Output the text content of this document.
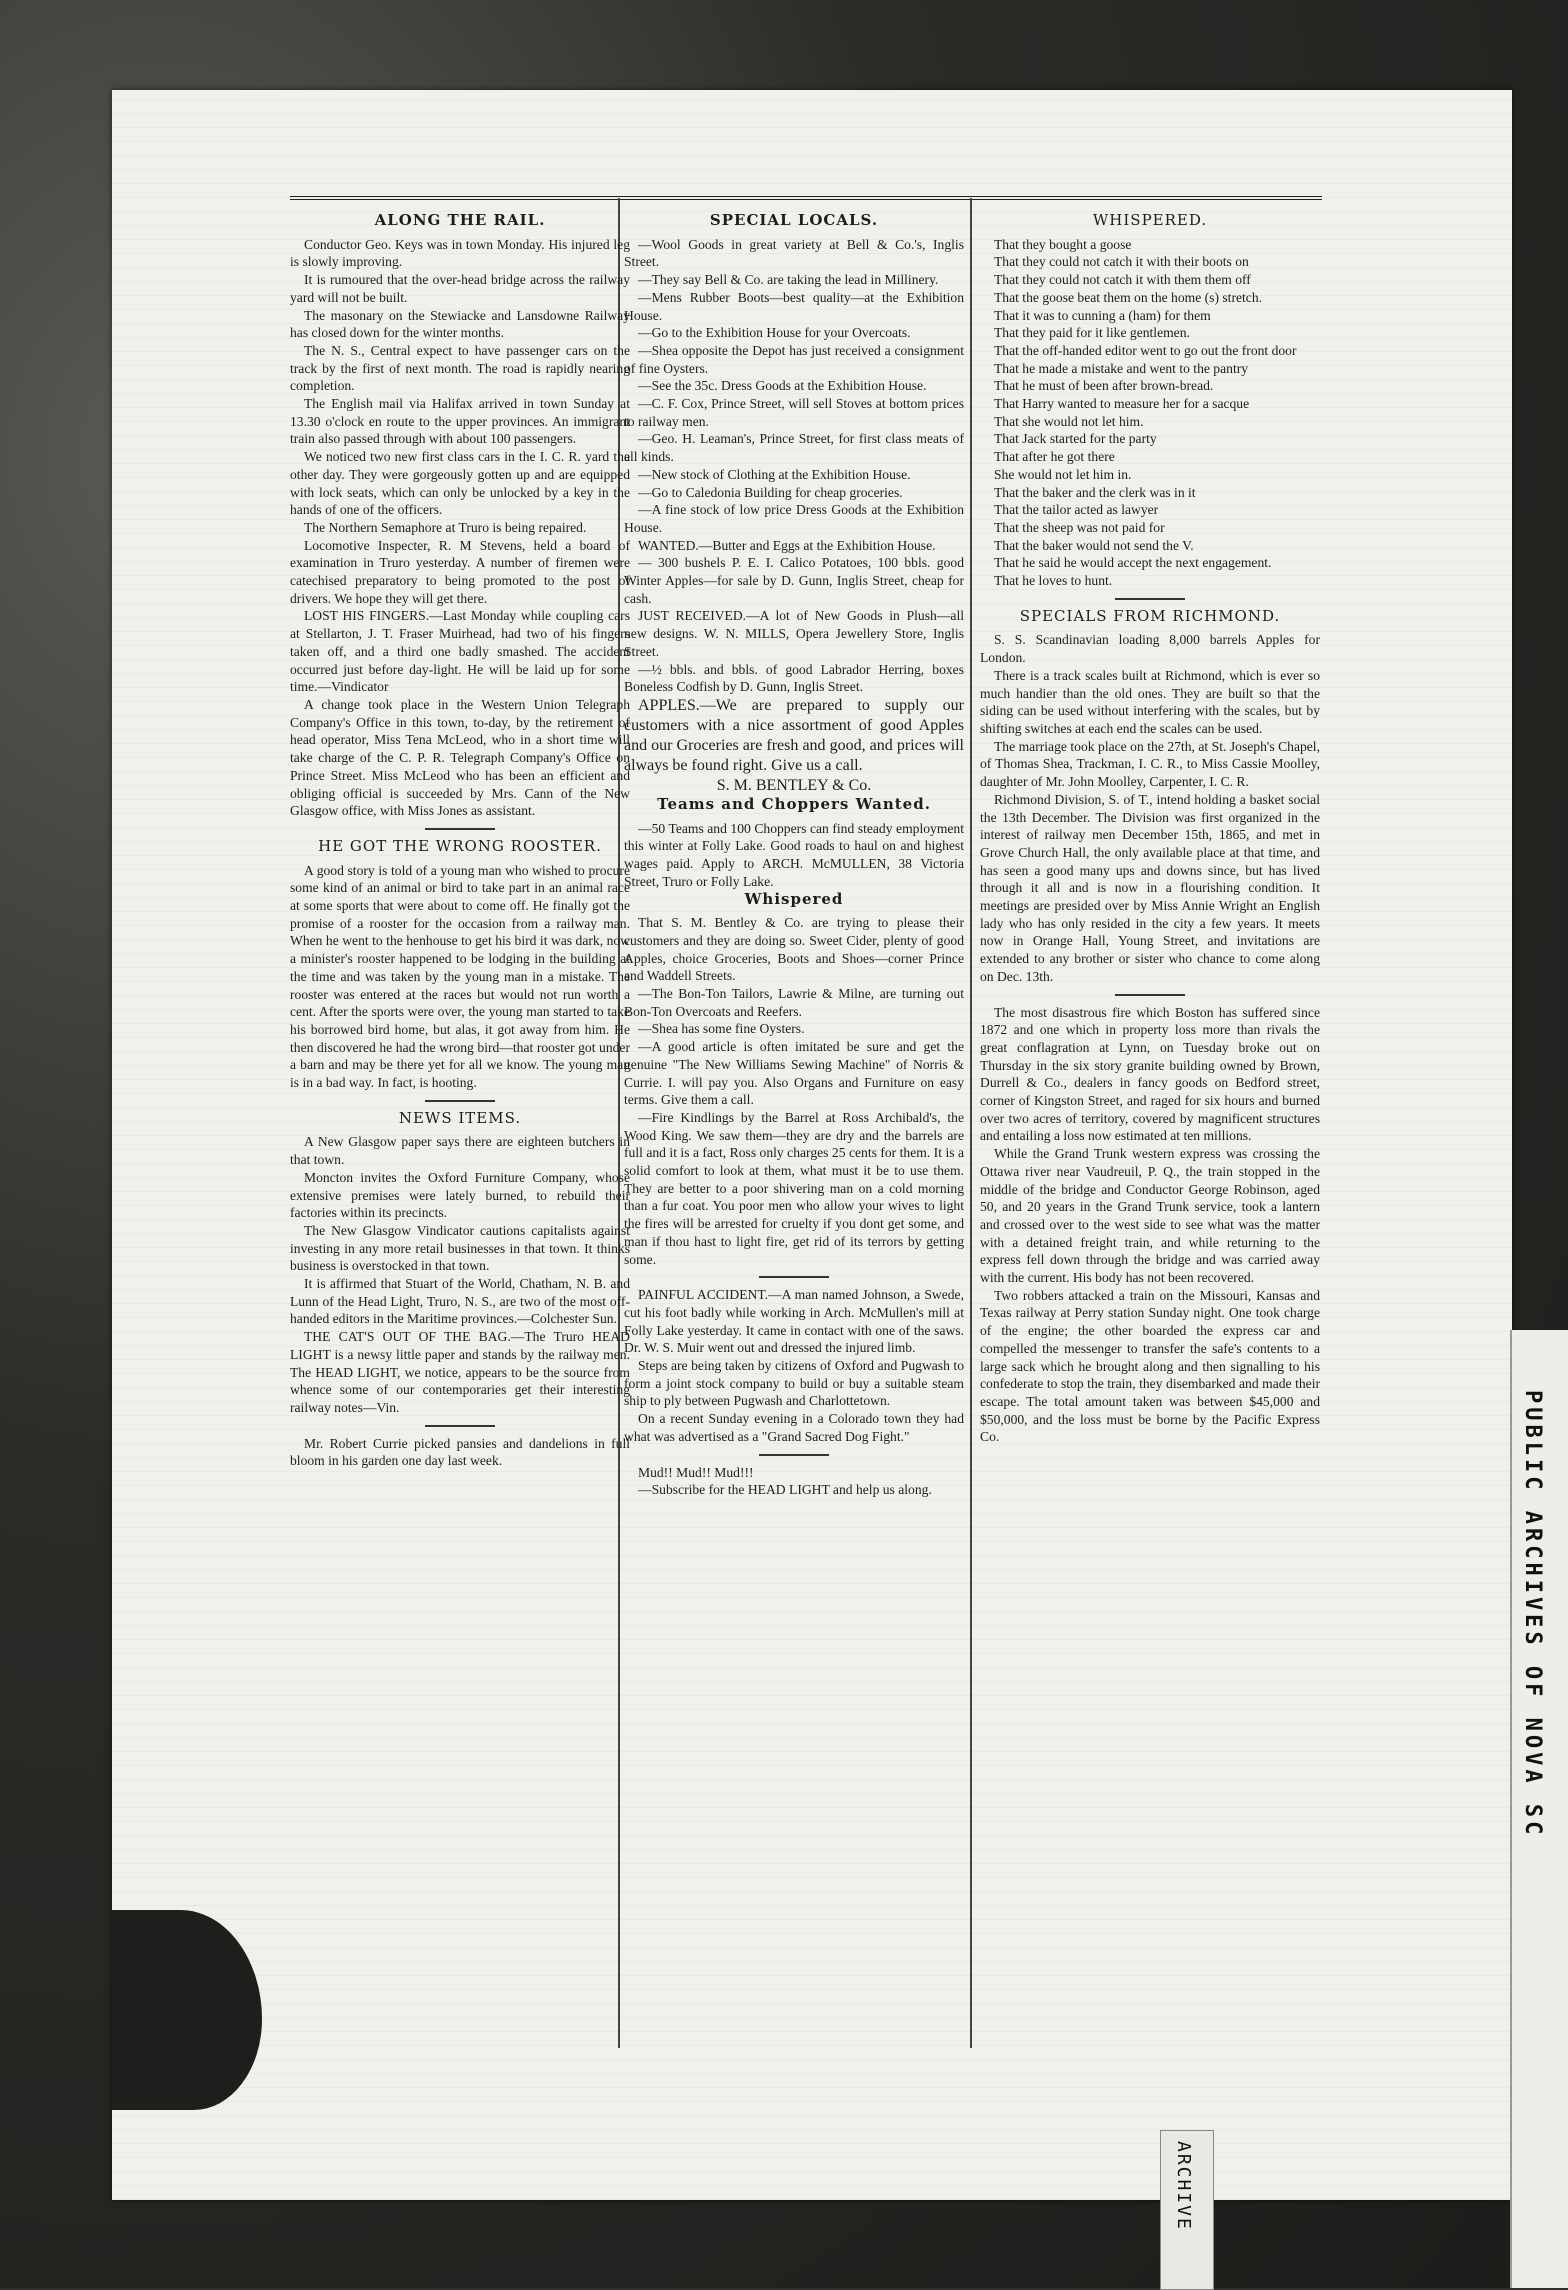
ALONG THE RAIL.

Conductor Geo. Keys was in town Monday. His injured leg is slowly improving.

It is rumoured that the over-head bridge across the railway yard will not be built.

The masonary on the Stewiacke and Lansdowne Railway has closed down for the winter months.

The N. S., Central expect to have passenger cars on the track by the first of next month. The road is rapidly nearing completion.

The English mail via Halifax arrived in town Sunday at 13.30 o'clock en route to the upper provinces. An immigrant train also passed through with about 100 passengers.

We noticed two new first class cars in the I. C. R. yard the other day. They were gorgeously gotten up and are equipped with lock seats, which can only be unlocked by a key in the hands of one of the officers.

The Northern Semaphore at Truro is being repaired.

Locomotive Inspecter, R. M Stevens, held a board of examination in Truro yesterday. A number of firemen were catechised preparatory to being promoted to the post of drivers. We hope they will get there.

LOST HIS FINGERS.—Last Monday while coupling cars at Stellarton, J. T. Fraser Muirhead, had two of his fingers taken off, and a third one badly smashed. The accident occurred just before day-light. He will be laid up for some time.—Vindicator

A change took place in the Western Union Telegraph Company's Office in this town, to-day, by the retirement of head operator, Miss Tena McLeod, who in a short time will take charge of the C. P. R. Telegraph Company's Office on Prince Street. Miss McLeod who has been an efficient and obliging official is succeeded by Mrs. Cann of the New Glasgow office, with Miss Jones as assistant.

HE GOT THE WRONG ROOSTER.

A good story is told of a young man who wished to procure some kind of an animal or bird to take part in an animal race at some sports that were about to come off. He finally got the promise of a rooster for the occasion from a railway man. When he went to the henhouse to get his bird it was dark, now a minister's rooster happened to be lodging in the building at the time and was taken by the young man in a mistake. The rooster was entered at the races but would not run worth a cent. After the sports were over, the young man started to take his borrowed bird home, but alas, it got away from him. He then discovered he had the wrong bird—that rooster got under a barn and may be there yet for all we know. The young man is in a bad way. In fact, is hooting.

NEWS ITEMS.

A New Glasgow paper says there are eighteen butchers in that town.

Moncton invites the Oxford Furniture Company, whose extensive premises were lately burned, to rebuild their factories within its precincts.

The New Glasgow Vindicator cautions capitalists against investing in any more retail businesses in that town. It thinks business is overstocked in that town.

It is affirmed that Stuart of the World, Chatham, N. B. and Lunn of the Head Light, Truro, N. S., are two of the most off-handed editors in the Maritime provinces.—Colchester Sun.

THE CAT'S OUT OF THE BAG.—The Truro HEAD LIGHT is a newsy little paper and stands by the railway men. The HEAD LIGHT, we notice, appears to be the source from whence some of our contemporaries get their interesting railway notes—Vin.

Mr. Robert Currie picked pansies and dandelions in full bloom in his garden one day last week.

SPECIAL LOCALS.

—Wool Goods in great variety at Bell & Co.'s, Inglis Street.

—They say Bell & Co. are taking the lead in Millinery.

—Mens Rubber Boots—best quality—at the Exhibition House.

—Go to the Exhibition House for your Overcoats.

—Shea opposite the Depot has just received a consignment of fine Oysters.

—See the 35c. Dress Goods at the Exhibition House.

—C. F. Cox, Prince Street, will sell Stoves at bottom prices to railway men.

—Geo. H. Leaman's, Prince Street, for first class meats of all kinds.

—New stock of Clothing at the Exhibition House.

—Go to Caledonia Building for cheap groceries.

—A fine stock of low price Dress Goods at the Exhibition House.

WANTED.—Butter and Eggs at the Exhibition House.

— 300 bushels P. E. I. Calico Potatoes, 100 bbls. good Winter Apples—for sale by D. Gunn, Inglis Street, cheap for cash.

JUST RECEIVED.—A lot of New Goods in Plush—all new designs. W. N. MILLS, Opera Jewellery Store, Inglis Street.

—½ bbls. and bbls. of good Labrador Herring, boxes Boneless Codfish by D. Gunn, Inglis Street.

APPLES.—We are prepared to supply our customers with a nice assortment of good Apples and our Groceries are fresh and good, and prices will always be found right. Give us a call.

S. M. BENTLEY & Co.

Teams and Choppers Wanted.

—50 Teams and 100 Choppers can find steady employment this winter at Folly Lake. Good roads to haul on and highest wages paid. Apply to ARCH. McMULLEN, 38 Victoria Street, Truro or Folly Lake.

Whispered

That S. M. Bentley & Co. are trying to please their customers and they are doing so. Sweet Cider, plenty of good Apples, choice Groceries, Boots and Shoes—corner Prince and Waddell Streets.

—The Bon-Ton Tailors, Lawrie & Milne, are turning out Bon-Ton Overcoats and Reefers.

—Shea has some fine Oysters.

—A good article is often imitated be sure and get the genuine "The New Williams Sewing Machine" of Norris & Currie. I. will pay you. Also Organs and Furniture on easy terms. Give them a call.

—Fire Kindlings by the Barrel at Ross Archibald's, the Wood King. We saw them—they are dry and the barrels are full and it is a fact, Ross only charges 25 cents for them. It is a solid comfort to look at them, what must it be to use them. They are better to a poor shivering man on a cold morning than a fur coat. You poor men who allow your wives to light the fires will be arrested for cruelty if you dont get some, and man if thou hast to light fire, get rid of its terrors by getting some.

PAINFUL ACCIDENT.—A man named Johnson, a Swede, cut his foot badly while working in Arch. McMullen's mill at Folly Lake yesterday. It came in contact with one of the saws. Dr. W. S. Muir went out and dressed the injured limb.

Steps are being taken by citizens of Oxford and Pugwash to form a joint stock company to build or buy a suitable steam ship to ply between Pugwash and Charlottetown.

On a recent Sunday evening in a Colorado town they had what was advertised as a "Grand Sacred Dog Fight."

Mud!! Mud!! Mud!!!

—Subscribe for the HEAD LIGHT and help us along.

WHISPERED.

That they bought a goose

That they could not catch it with their boots on

That they could not catch it with them them off

That the goose beat them on the home (s) stretch.

That it was to cunning a (ham) for them

That they paid for it like gentlemen.

That the off-handed editor went to go out the front door

That he made a mistake and went to the pantry

That he must of been after brown-bread.

That Harry wanted to measure her for a sacque

That she would not let him.

That Jack started for the party

That after he got there

She would not let him in.

That the baker and the clerk was in it

That the tailor acted as lawyer

That the sheep was not paid for

That the baker would not send the V.

That he said he would accept the next engagement.

That he loves to hunt.

SPECIALS FROM RICHMOND.

S. S. Scandinavian loading 8,000 barrels Apples for London.

There is a track scales built at Richmond, which is ever so much handier than the old ones. They are built so that the siding can be used without interfering with the scales, but by shifting switches at each end the scales can be used.

The marriage took place on the 27th, at St. Joseph's Chapel, of Thomas Shea, Trackman, I. C. R., to Miss Cassie Moolley, daughter of Mr. John Moolley, Carpenter, I. C. R.

Richmond Division, S. of T., intend holding a basket social the 13th December. The Division was first organized in the interest of railway men December 15th, 1865, and met in Grove Church Hall, the only available place at that time, and has seen a good many ups and downs since, but has lived through it all and is now in a flourishing condition. It meetings are presided over by Miss Annie Wright an English lady who has only resided in the city a few years. It meets now in Orange Hall, Young Street, and invitations are extended to any brother or sister who chance to come along on Dec. 13th.

The most disastrous fire which Boston has suffered since 1872 and one which in property loss more than rivals the great conflagration at Lynn, on Tuesday broke out on Thursday in the six story granite building owned by Brown, Durrell & Co., dealers in fancy goods on Bedford street, corner of Kingston Street, and raged for six hours and burned over two acres of territory, covered by magnificent structures and entailing a loss now estimated at ten millions.

While the Grand Trunk western express was crossing the Ottawa river near Vaudreuil, P. Q., the train stopped in the middle of the bridge and Conductor George Robinson, aged 50, and 20 years in the Grand Trunk service, took a lantern and crossed over to the west side to see what was the matter with a detained freight train, and while returning to the express fell down through the bridge and was carried away with the current. His body has not been recovered.

Two robbers attacked a train on the Missouri, Kansas and Texas railway at Perry station Sunday night. One took charge of the engine; the other boarded the express car and compelled the messenger to transfer the safe's contents to a large sack which he brought along and then signalling to his confederate to stop the train, they disembarked and made their escape. The total amount taken was between $45,000 and $50,000, and the loss must be borne by the Pacific Express Co.	PUBLIC ARCHIVES OF NOVA SC
ARCHIVE
